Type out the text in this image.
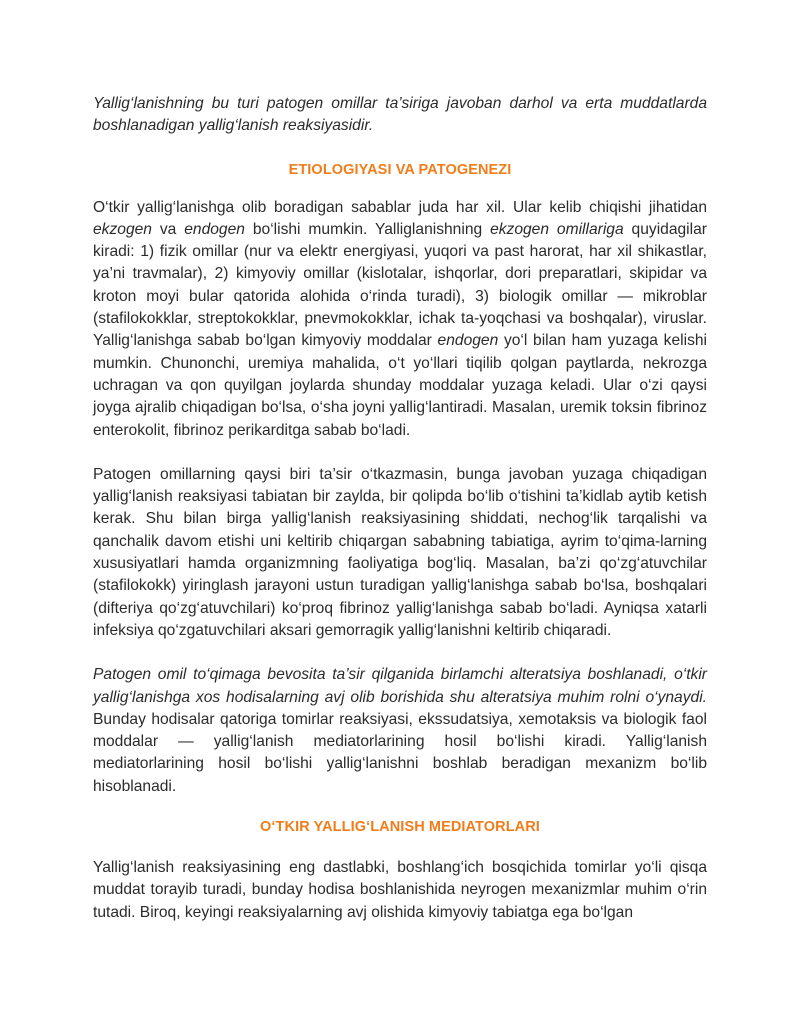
Yallig‘lanishning bu turi patogen omillar ta’siriga javoban darhol va erta muddatlarda boshlanadigan yallig‘lanish reaksiyasidir.

ETIOLOGIYASI VA PATOGENEZI

O‘tkir yallig‘lanishga olib boradigan sabablar juda har xil. Ular kelib chiqishi jihatidan ekzogen va endogen bo‘lishi mumkin. Yalliglanishning ekzogen omillariga quyidagilar kiradi: 1) fizik omillar (nur va elektr energiyasi, yuqori va past harorat, har xil shikastlar, ya’ni travmalar), 2) kimyoviy omillar (kislotalar, ishqorlar, dori preparatlari, skipidar va kroton moyi bular qatorida alohida o‘rinda turadi), 3) biologik omillar — mikroblar (stafilokokklar, streptokokklar, pnevmokokklar, ichak ta-yoqchasi va boshqalar), viruslar. Yallig‘lanishga sabab bo‘lgan kimyoviy moddalar endogen yo‘l bilan ham yuzaga kelishi mumkin. Chunonchi, uremiya mahalida, o‘t yo‘llari tiqilib qolgan paytlarda, nekrozga uchragan va qon quyilgan joylarda shunday moddalar yuzaga keladi. Ular o‘zi qaysi joyga ajralib chiqadigan bo‘lsa, o‘sha joyni yallig‘lantiradi. Masalan, uremik toksin fibrinoz enterokolit, fibrinoz perikarditga sabab bo‘ladi.

Patogen omillarning qaysi biri ta’sir o‘tkazmasin, bunga javoban yuzaga chiqadigan yallig‘lanish reaksiyasi tabiatan bir zaylda, bir qolipda bo‘lib o‘tishini ta’kidlab aytib ketish kerak. Shu bilan birga yallig‘lanish reaksiyasining shiddati, nechog‘lik tarqalishi va qanchalik davom etishi uni keltirib chiqargan sababning tabiatiga, ayrim to‘qima-larning xususiyatlari hamda organizmning faoliyatiga bog‘liq. Masalan, ba’zi qo‘zg‘atuvchilar (stafilokokk) yiringlash jarayoni ustun turadigan yallig‘lanishga sabab bo‘lsa, boshqalari (difteriya qo‘zg‘atuvchilari) ko‘proq fibrinoz yallig‘lanishga sabab bo‘ladi. Ayniqsa xatarli infeksiya qo‘zgatuvchilari aksari gemorragik yallig‘lanishni keltirib chiqaradi.

Patogen omil to‘qimaga bevosita ta’sir qilganida birlamchi alteratsiya boshlanadi, o‘tkir yallig‘lanishga xos hodisalarning avj olib borishida shu alteratsiya muhim rolni o‘ynaydi. Bunday hodisalar qatoriga tomirlar reaksiyasi, ekssudatsiya, xemotaksis va biologik faol moddalar — yallig‘lanish mediatorlarining hosil bo‘lishi kiradi. Yallig‘lanish mediatorlarining hosil bo‘lishi yallig‘lanishni boshlab beradigan mexanizm bo‘lib hisoblanadi.

O‘TKIR YALLIG‘LANISH MEDIATORLARI

Yallig‘lanish reaksiyasining eng dastlabki, boshlang‘ich bosqichida tomirlar yo‘li qisqa muddat torayib turadi, bunday hodisa boshlanishida neyrogen mexanizmlar muhim o‘rin tutadi. Biroq, keyingi reaksiyalarning avj olishida kimyoviy tabiatga ega bo‘lgan
